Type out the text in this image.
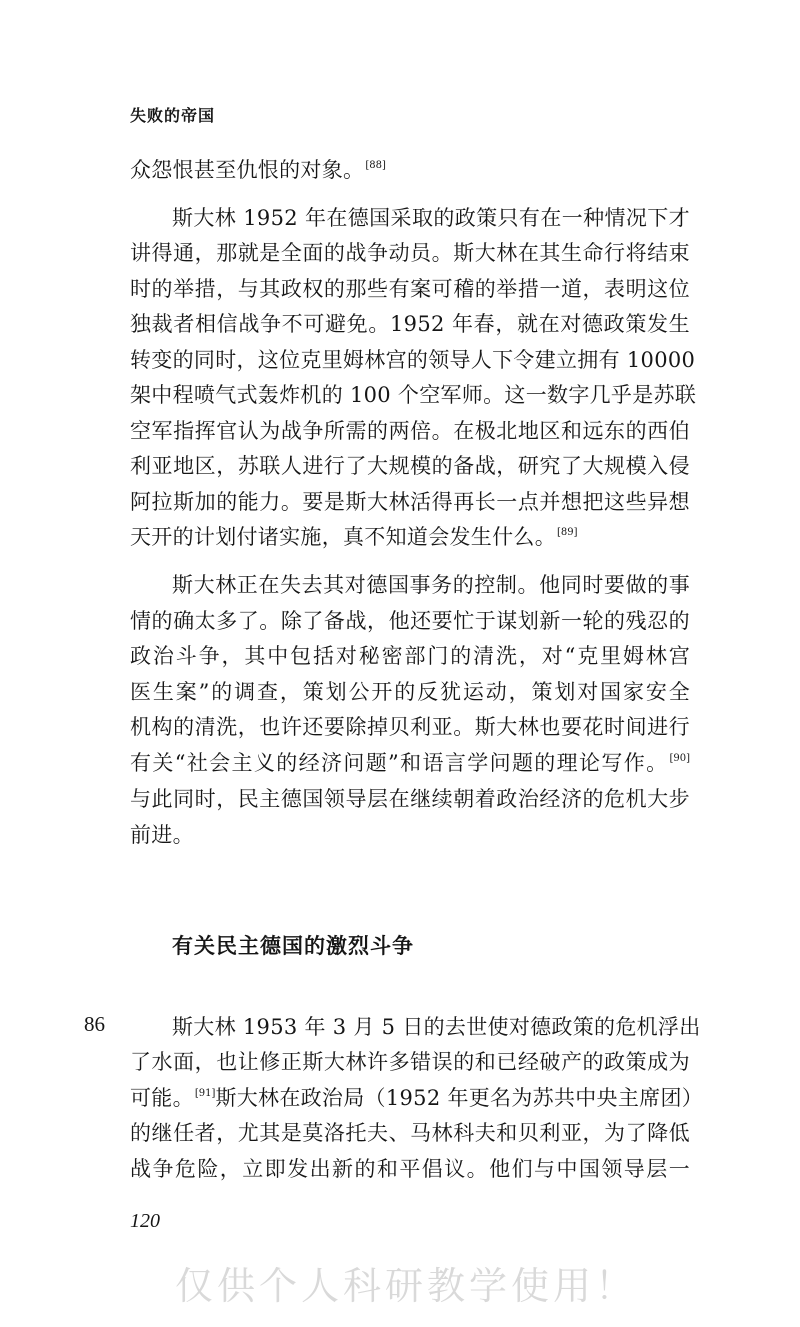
失败的帝国
众怨恨甚至仇恨的对象。[88]
斯大林 1952 年在德国采取的政策只有在一种情况下才
讲得通，那就是全面的战争动员。斯大林在其生命行将结束
时的举措，与其政权的那些有案可稽的举措一道，表明这位
独裁者相信战争不可避免。1952 年春，就在对德政策发生
转变的同时，这位克里姆林宫的领导人下令建立拥有 10000
架中程喷气式轰炸机的 100 个空军师。这一数字几乎是苏联
空军指挥官认为战争所需的两倍。在极北地区和远东的西伯
利亚地区，苏联人进行了大规模的备战，研究了大规模入侵
阿拉斯加的能力。要是斯大林活得再长一点并想把这些异想
天开的计划付诸实施，真不知道会发生什么。[89]
斯大林正在失去其对德国事务的控制。他同时要做的事
情的确太多了。除了备战，他还要忙于谋划新一轮的残忍的
政治斗争，其中包括对秘密部门的清洗，对“克里姆林宫
医生案”的调查，策划公开的反犹运动，策划对国家安全
机构的清洗，也许还要除掉贝利亚。斯大林也要花时间进行
有关“社会主义的经济问题”和语言学问题的理论写作。[90]
与此同时，民主德国领导层在继续朝着政治经济的危机大步
前进。
有关民主德国的激烈斗争
86	斯大林 1953 年 3 月 5 日的去世使对德政策的危机浮出
了水面，也让修正斯大林许多错误的和已经破产的政策成为
可能。[91]斯大林在政治局（1952 年更名为苏共中央主席团）
的继任者，尤其是莫洛托夫、马林科夫和贝利亚，为了降低
战争危险，立即发出新的和平倡议。他们与中国领导层一
120
仅供个人科研教学使用！
